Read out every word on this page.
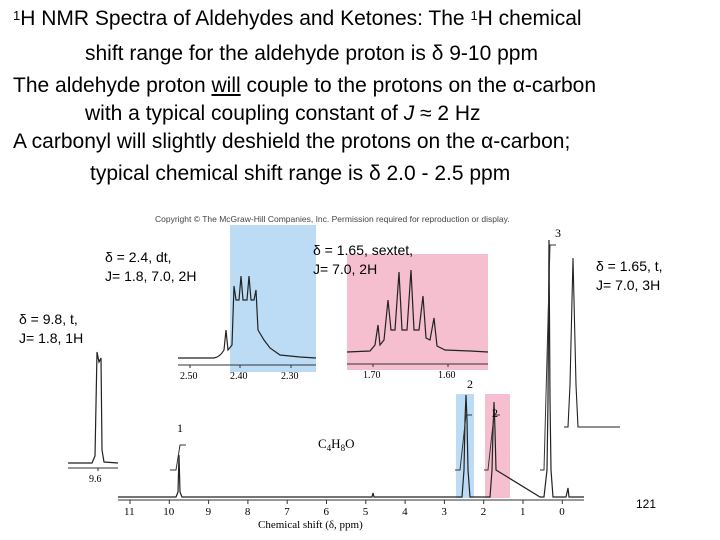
$^1$H NMR Spectra of Aldehydes and Ketones: The $^1$H chemical
shift range for the aldehyde proton is δ 9-10 ppm
The aldehyde proton will couple to the protons on the α-carbon
with a typical coupling constant of J ≈ 2 Hz
A carbonyl will slightly deshield the protons on the α-carbon;
typical chemical shift range is δ 2.0 - 2.5 ppm
Copyright © The McGraw-Hill Companies, Inc. Permission required for reproduction or display.
2.50	2.40	2.30	1.70	1.60
9.6
1
2
2
3
$C_4H_8O$
11	10	9	8	7	6	5	4	3	2	1	0
Chemical shift (δ, ppm)
δ = 2.4, dt,
J= 1.8, 7.0, 2H
δ = 1.65, sextet,
J= 7.0, 2H	δ = 1.65, t,
J= 7.0, 3H
δ = 9.8, t,
J= 1.8, 1H
121
